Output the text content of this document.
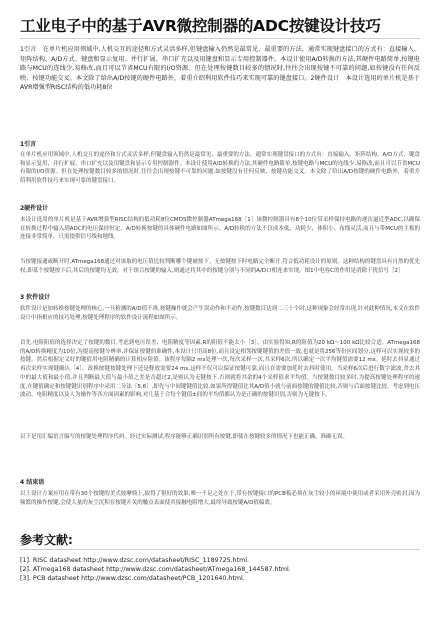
工业电子中的基于AVR微控制器的ADC按键设计技巧

1引言　在单片机应用领域中,人机交互的途径和方式灵活多样,但键盘输入仍然是最常见、最重要的方法。通常实现键盘接口的方式有：直接输入、矩阵结构、A/D方式、键盘和显示复用、并行扩展、串口扩充以及用键盘和显示专用控制器件。本设计使用A/D转换的方法,其硬件电路简单,按键电路与MCU的连线少,易修改,而且可以节省MCU有限的I/O资源。但在处理按键数目较多的情况时,往往会出现按键不可靠的问题,如按键没有任何反映、按键功能交叉。本文除了给出A/D按键的硬件电路外，着重介绍利用软件技巧来实现可靠的键盘接口。2硬件设计　本设计选用的单片机是基于AVR增强型RISC结构的低功耗8位

1引言

在单片机应用领域中,人机交互的途径和方式灵活多样,但键盘输入仍然是最常见、最重要的方法。通常实现键盘接口的方式有：直接输入、矩阵结构、A/D方式、键盘和显示复用、并行扩展、串口扩充以及用键盘和显示专用控制器件。本设计使用A/D转换的方法,其硬件电路简单,按键电路与MCU的连线少,易修改,而且可以节省MCU有限的I/O资源。但在处理按键数目较多的情况时,往往会出现按键不可靠的问题,如按键没有任何反映、按键功能交叉。本文除了给出A/D按键的硬件电路外，着重介绍利用软件技巧来实现可靠的键盘接口。

2硬件设计

本设计选用的单片机是基于AVR增强型RISC结构的低功耗8位CMOS微控制器ATmega168［1］该微控制器具有8个10位带采样保持电路的逐次逼近型ADC,以确保在转换过程中输入到ADC的电压保持恒定。A/D转换按键的具体硬件电路如图所示。A/D转换的方法不仅成本低、功耗少、体积小、布线灵活,而且与带MCU的主板的连接非常简单，只需提供信号线和地线。

当按键接通或断开时,ATmega168通过对该取的电压值比较判断哪个键被按下。无按键按下时电路完全断开,符合低功耗设计的原则。这种结构的键盘具有自然的优先权,即某个按键按下后,其后的按键均无效。对于组合按键的输入,则通过将其中的按键分别与不同的A/D口相连来实现。图1中电容C的作用是消除干扰信号［2］

3 软件设计

软件设计是加转换按键处理的核心,一旦检测的A/D值不准,按键操作就会产生误动作和不动作,按键数目达到二三十个时,这种现象会经常出现,针对此种情况,本文在软件设计中指相应的技巧处理,按键处理程序的软件设计流程如图所示。

首先,电阻阻值的选择决定了按键的数目,考虑到电压误差、电阻精度等因素,R的阻值不能太小［3］。由实验得知,R的阻值为20 kΩ～100 kΩ比较合适。ATmega168的A/D转换精度为10位,为提高按键分辨率,并保证按键的准确性,本设计只用高8位,而且设定相邻按键键值的差值一致,也就是将256等份区间划分,这样可以实现较多的按键。然后根据定义好的键值用电阻精确的计算相应阻值。该程序每隔2 ms处理一次,每次采样一次,共采样6次,所以确定一次平均键值需要12 ms。延时去抖显通过再次采样实现键确认［4］。改换按键按键处理下还是释放需要24 ms,这样不仅可以保证按键可靠,而且在需要加延时去抖时使用。当采样6次后进行数字滤波,舍去其中的最大值和最小值,并且判断最大值与最小值之差是否超过2,是则认为无键按下,否则就将其余的4个采样值求平均值。当按键数目较多时,为提高按键处理程序的速度,在键值确定和按键键识别程序中采用二分法［5,6］,即先与中间键键值比较,如果所得键值比其A/D值小就与前面按键的键值比较,否则与后面按键比较。考虑到电压波动、电阻精度以及人为操作等各方面因素的影响,对几基于合每个键值±间的平均值都认为是正确的按键识别,否则为无键按下。

以下是用汇编语言编写的按键处理程序代码。经过实际测试,程序能够正确识别所有按键,即使在按键较多的情况下也能正确、准确无误。

4 结束语

以上设计方案应用在带有30个按键的美式按摩椅上,取得了很好的效果,唯一不足之处在于,带有按键接口的PCB板必须在灰尘较小的环境中使用或者采用外壳密封,因为频繁的操作按键,会使大量的灰尘沉积在按键开关的触点表面使其接触电阻增大,最终导致按键A/D值偏离。

参考文献:
[1]. RISC datasheet http://www.dzsc.com/datasheet/RISC_1189725.html.
[2]. ATmega168 datasheet http://www.dzsc.com/datasheet/ATmega168_144587.html.
[3]. PCB datasheet http://www.dzsc.com/datasheet/PCB_1201640.html.
